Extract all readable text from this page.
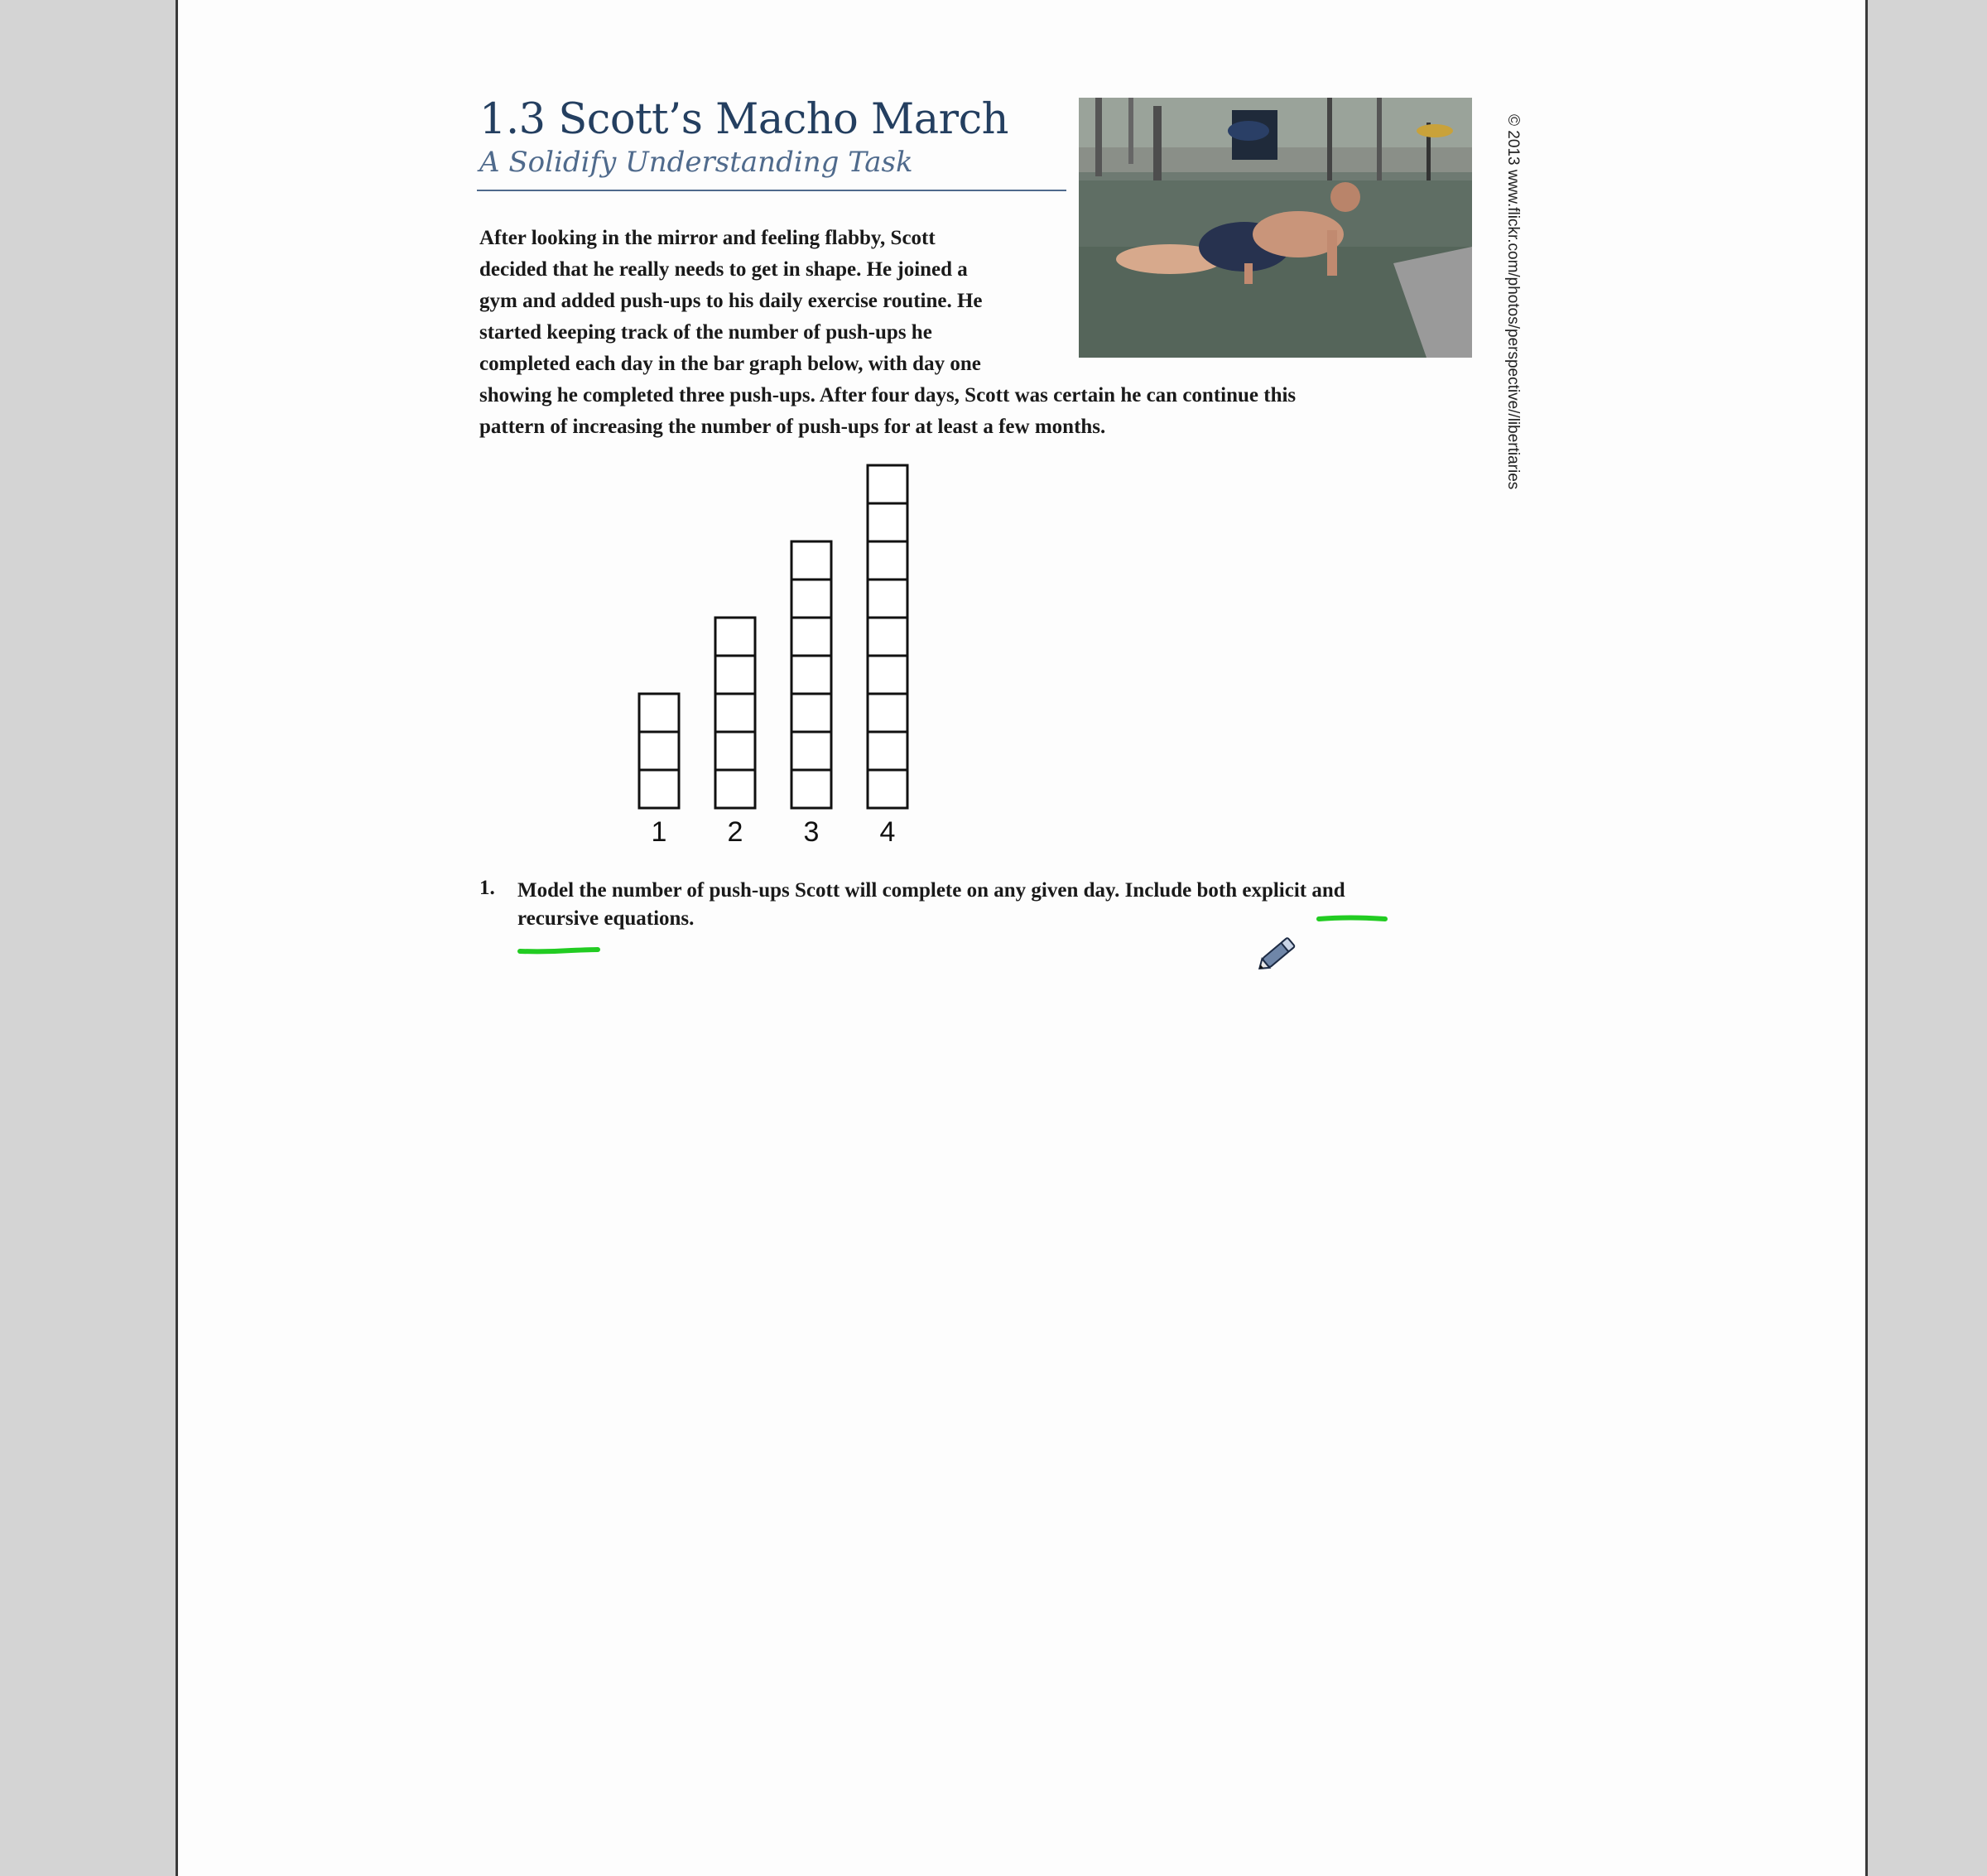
1.3 Scott’s Macho March
A Solidify Understanding Task	© 2013 www.flickr.com/photos/perspective//libertiaries
After looking in the mirror and feeling flabby, Scott
decided that he really needs to get in shape. He joined a
gym and added push-ups to his daily exercise routine. He
started keeping track of the number of push-ups he
completed each day in the bar graph below, with day one
showing he completed three push-ups. After four days, Scott was certain he can continue this
pattern of increasing the number of push-ups for at least a few months.
1 2 3 4
1. Model the number of push-ups Scott will complete on any given day. Include both explicit and
recursive equations.
